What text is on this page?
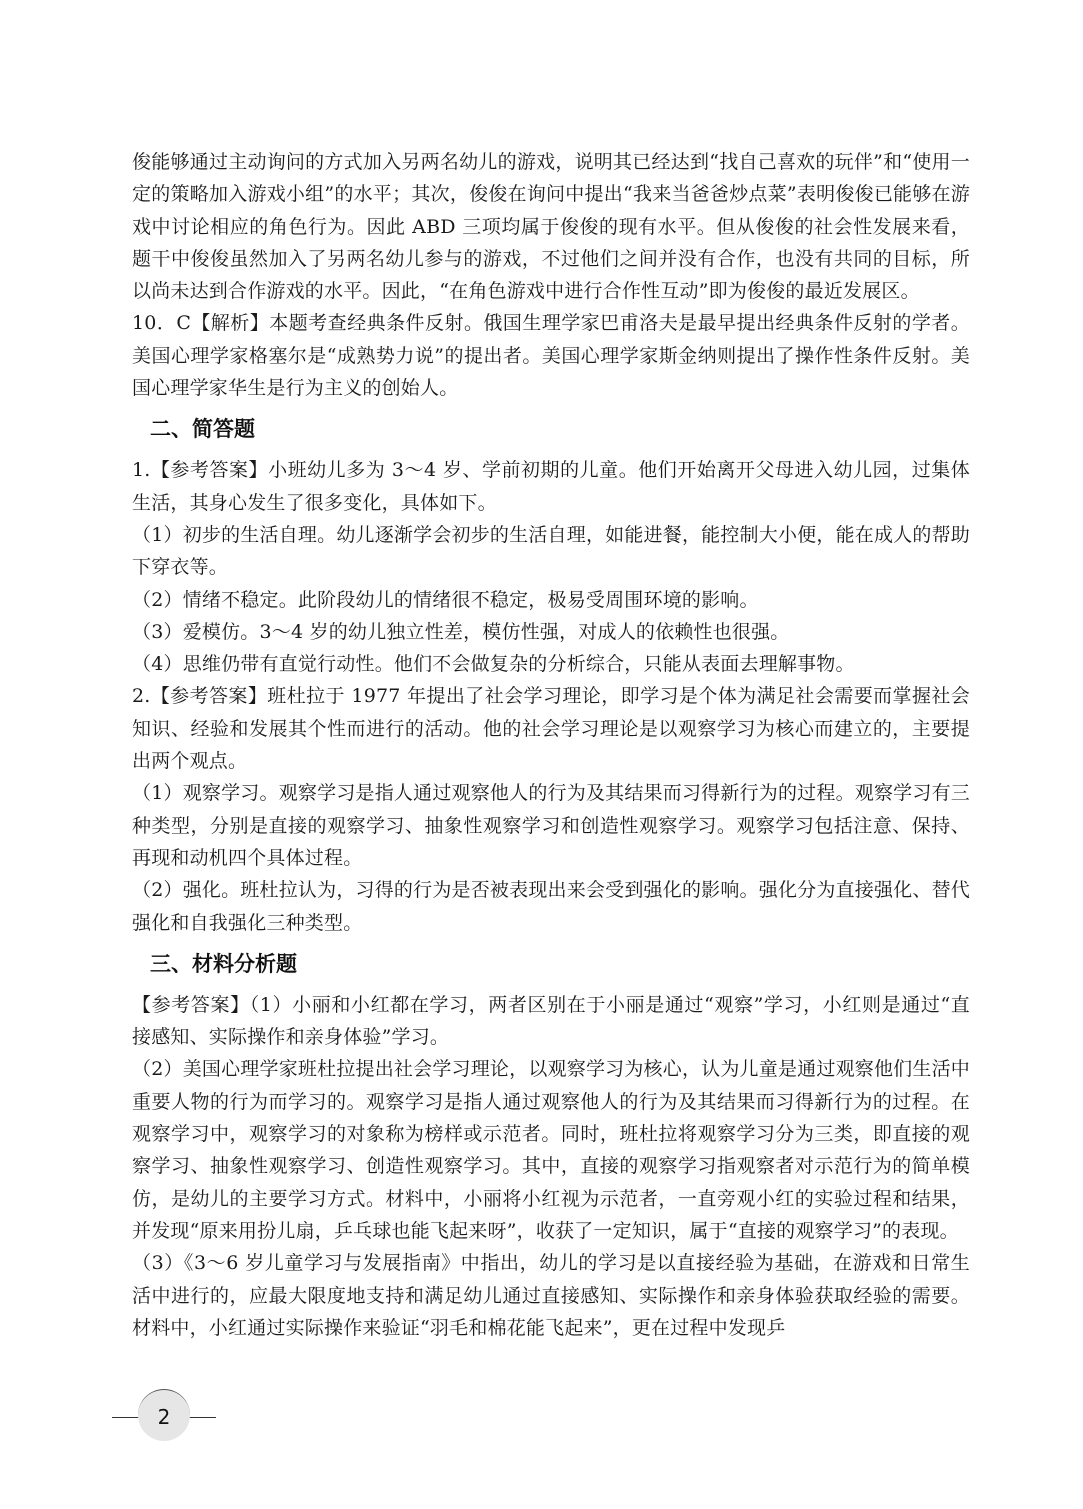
俊能够通过主动询问的方式加入另两名幼儿的游戏，说明其已经达到“找自己喜欢的玩伴”和“使用一定的策略加入游戏小组”的水平；其次，俊俊在询问中提出“我来当爸爸炒点菜”表明俊俊已能够在游戏中讨论相应的角色行为。因此 ABD 三项均属于俊俊的现有水平。但从俊俊的社会性发展来看，题干中俊俊虽然加入了另两名幼儿参与的游戏，不过他们之间并没有合作，也没有共同的目标，所以尚未达到合作游戏的水平。因此，“在角色游戏中进行合作性互动”即为俊俊的最近发展区。

10．C【解析】本题考查经典条件反射。俄国生理学家巴甫洛夫是最早提出经典条件反射的学者。美国心理学家格塞尔是“成熟势力说”的提出者。美国心理学家斯金纳则提出了操作性条件反射。美国心理学家华生是行为主义的创始人。

二、简答题

1.【参考答案】小班幼儿多为 3～4 岁、学前初期的儿童。他们开始离开父母进入幼儿园，过集体生活，其身心发生了很多变化，具体如下。

（1）初步的生活自理。幼儿逐渐学会初步的生活自理，如能进餐，能控制大小便，能在成人的帮助下穿衣等。

（2）情绪不稳定。此阶段幼儿的情绪很不稳定，极易受周围环境的影响。

（3）爱模仿。3～4 岁的幼儿独立性差，模仿性强，对成人的依赖性也很强。

（4）思维仍带有直觉行动性。他们不会做复杂的分析综合，只能从表面去理解事物。

2.【参考答案】班杜拉于 1977 年提出了社会学习理论，即学习是个体为满足社会需要而掌握社会知识、经验和发展其个性而进行的活动。他的社会学习理论是以观察学习为核心而建立的，主要提出两个观点。

（1）观察学习。观察学习是指人通过观察他人的行为及其结果而习得新行为的过程。观察学习有三种类型，分别是直接的观察学习、抽象性观察学习和创造性观察学习。观察学习包括注意、保持、再现和动机四个具体过程。

（2）强化。班杜拉认为，习得的行为是否被表现出来会受到强化的影响。强化分为直接强化、替代强化和自我强化三种类型。

三、材料分析题

【参考答案】（1）小丽和小红都在学习，两者区别在于小丽是通过“观察”学习，小红则是通过“直接感知、实际操作和亲身体验”学习。

（2）美国心理学家班杜拉提出社会学习理论，以观察学习为核心，认为儿童是通过观察他们生活中重要人物的行为而学习的。观察学习是指人通过观察他人的行为及其结果而习得新行为的过程。在观察学习中，观察学习的对象称为榜样或示范者。同时，班杜拉将观察学习分为三类，即直接的观察学习、抽象性观察学习、创造性观察学习。其中，直接的观察学习指观察者对示范行为的简单模仿，是幼儿的主要学习方式。材料中，小丽将小红视为示范者，一直旁观小红的实验过程和结果，并发现“原来用扮儿扇，乒乓球也能飞起来呀”，收获了一定知识，属于“直接的观察学习”的表现。

（3）《3～6 岁儿童学习与发展指南》中指出，幼儿的学习是以直接经验为基础，在游戏和日常生活中进行的，应最大限度地支持和满足幼儿通过直接感知、实际操作和亲身体验获取经验的需要。材料中，小红通过实际操作来验证“羽毛和棉花能飞起来”，更在过程中发现乒

2
